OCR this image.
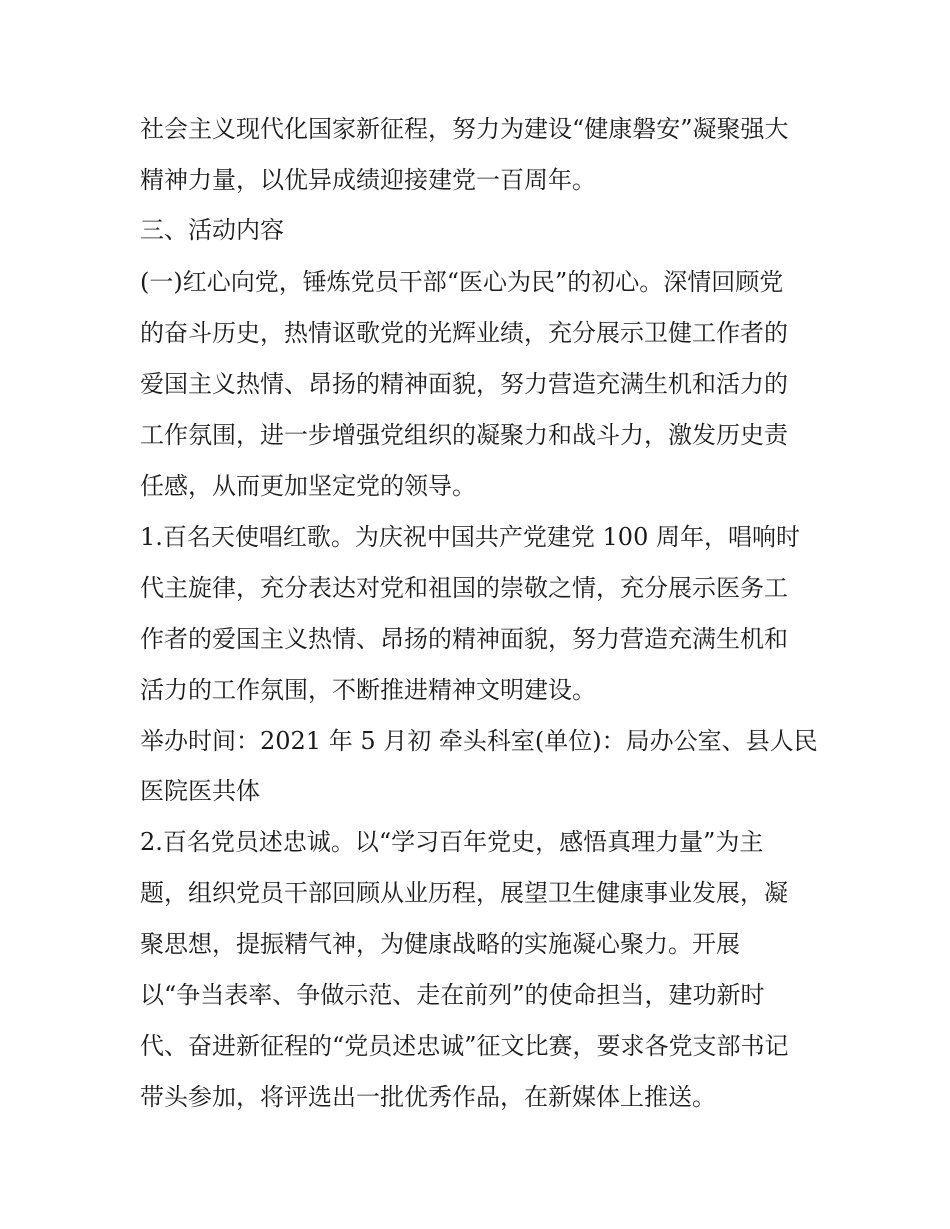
社会主义现代化国家新征程，努力为建设“健康磐安”凝聚强大

精神力量，以优异成绩迎接建党一百周年。

三、活动内容

(一)红心向党，锤炼党员干部“医心为民”的初心。深情回顾党

的奋斗历史，热情讴歌党的光辉业绩，充分展示卫健工作者的

爱国主义热情、昂扬的精神面貌，努力营造充满生机和活力的

工作氛围，进一步增强党组织的凝聚力和战斗力，激发历史责

任感，从而更加坚定党的领导。

1.百名天使唱红歌。为庆祝中国共产党建党 100 周年，唱响时

代主旋律，充分表达对党和祖国的崇敬之情，充分展示医务工

作者的爱国主义热情、昂扬的精神面貌，努力营造充满生机和

活力的工作氛围，不断推进精神文明建设。

举办时间：2021 年 5 月初 牵头科室(单位)：局办公室、县人民

医院医共体

2.百名党员述忠诚。以“学习百年党史，感悟真理力量”为主

题，组织党员干部回顾从业历程，展望卫生健康事业发展，凝

聚思想，提振精气神，为健康战略的实施凝心聚力。开展

以“争当表率、争做示范、走在前列”的使命担当，建功新时

代、奋进新征程的“党员述忠诚”征文比赛，要求各党支部书记

带头参加，将评选出一批优秀作品，在新媒体上推送。
